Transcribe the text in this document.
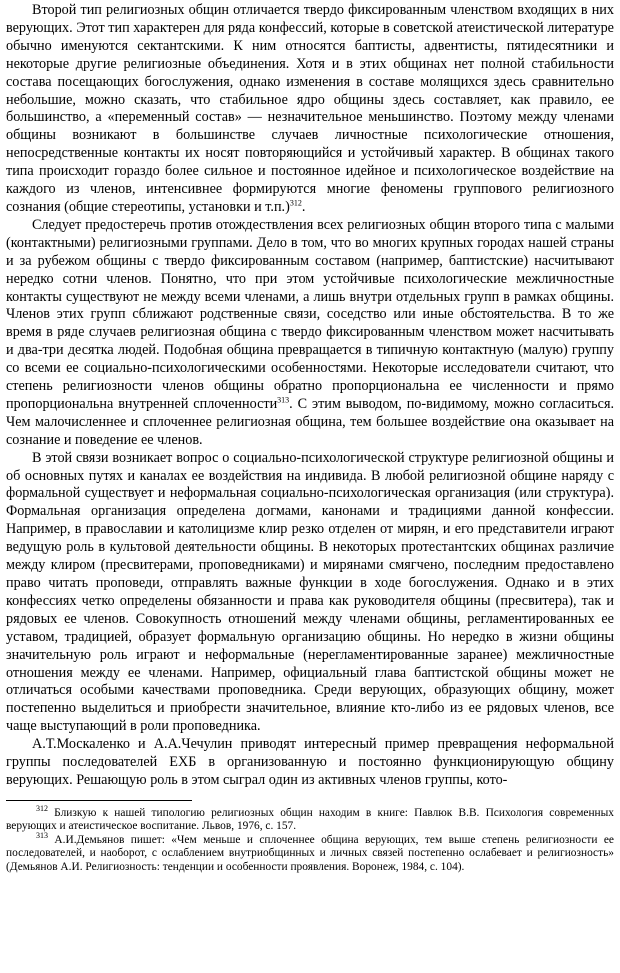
Второй тип религиозных общин отличается твердо фиксированным членством входящих в них верующих. Этот тип характерен для ряда конфессий, которые в советской атеистической литературе обычно именуются сектантскими. К ним относятся баптисты, адвентисты, пятидесятники и некоторые другие религиозные объединения. Хотя и в этих общинах нет полной стабильности состава посещающих богослужения, однако изменения в составе молящихся здесь сравнительно небольшие, можно сказать, что стабильное ядро общины здесь составляет, как правило, ее большинство, а «переменный состав» — незначительное меньшинство. Поэтому между членами общины возникают в большинстве случаев личностные психологические отношения, непосредственные контакты их носят повторяющийся и устойчивый характер. В общинах такого типа происходит гораздо более сильное и постоянное идейное и психологическое воздействие на каждого из членов, интенсивнее формируются многие феномены группового религиозного сознания (общие стереотипы, установки и т.п.)$^{312}$.

Следует предостеречь против отождествления всех религиозных общин второго типа с малыми (контактными) религиозными группами. Дело в том, что во многих крупных городах нашей страны и за рубежом общины с твердо фиксированным составом (например, баптистские) насчитывают нередко сотни членов. Понятно, что при этом устойчивые психологические межличностные контакты существуют не между всеми членами, а лишь внутри отдельных групп в рамках общины. Членов этих групп сближают родственные связи, соседство или иные обстоятельства. В то же время в ряде случаев религиозная община с твердо фиксированным членством может насчитывать и два-три десятка людей. Подобная община превращается в типичную контактную (малую) группу со всеми ее социально-психологическими особенностями. Некоторые исследователи считают, что степень религиозности членов общины обратно пропорциональна ее численности и прямо пропорциональна внутренней сплоченности$^{313}$. С этим выводом, по-видимому, можно согласиться. Чем малочисленнее и сплоченнее религиозная община, тем большее воздействие она оказывает на сознание и поведение ее членов.

В этой связи возникает вопрос о социально-психологической структуре религиозной общины и об основных путях и каналах ее воздействия на индивида. В любой религиозной общине наряду с формальной существует и неформальная социально-психологическая организация (или структура). Формальная организация определена догмами, канонами и традициями данной конфессии. Например, в православии и католицизме клир резко отделен от мирян, и его представители играют ведущую роль в культовой деятельности общины. В некоторых протестантских общинах различие между клиром (пресвитерами, проповедниками) и мирянами смягчено, последним предоставлено право читать проповеди, отправлять важные функции в ходе богослужения. Однако и в этих конфессиях четко определены обязанности и права как руководителя общины (пресвитера), так и рядовых ее членов. Совокупность отношений между членами общины, регламентированных ее уставом, традицией, образует формальную организацию общины. Но нередко в жизни общины значительную роль играют и неформальные (нерегламентированные заранее) межличностные отношения между ее членами. Например, официальный глава баптистской общины может не отличаться особыми качествами проповедника. Среди верующих, образующих общину, может постепенно выделиться и приобрести значительное, влияние кто-либо из ее рядовых членов, все чаще выступающий в роли проповедника.

А.Т.Москаленко и А.А.Чечулин приводят интересный пример превращения неформальной группы последователей ЕХБ в организованную и постоянно функционирующую общину верующих. Решающую роль в этом сыграл один из активных членов группы, кото-

$^{312}$ Близкую к нашей типологию религиозных общин находим в книге: Павлюк В.В. Психология современных верующих и атеистическое воспитание. Львов, 1976, с. 157.

$^{313}$ А.И.Демьянов пишет: «Чем меньше и сплоченнее община верующих, тем выше степень религиозности ее последователей, и наоборот, с ослаблением внутриобщинных и личных связей постепенно ослабевает и религиозность» (Демьянов А.И. Религиозность: тенденции и особенности проявления. Воронеж, 1984, с. 104).
